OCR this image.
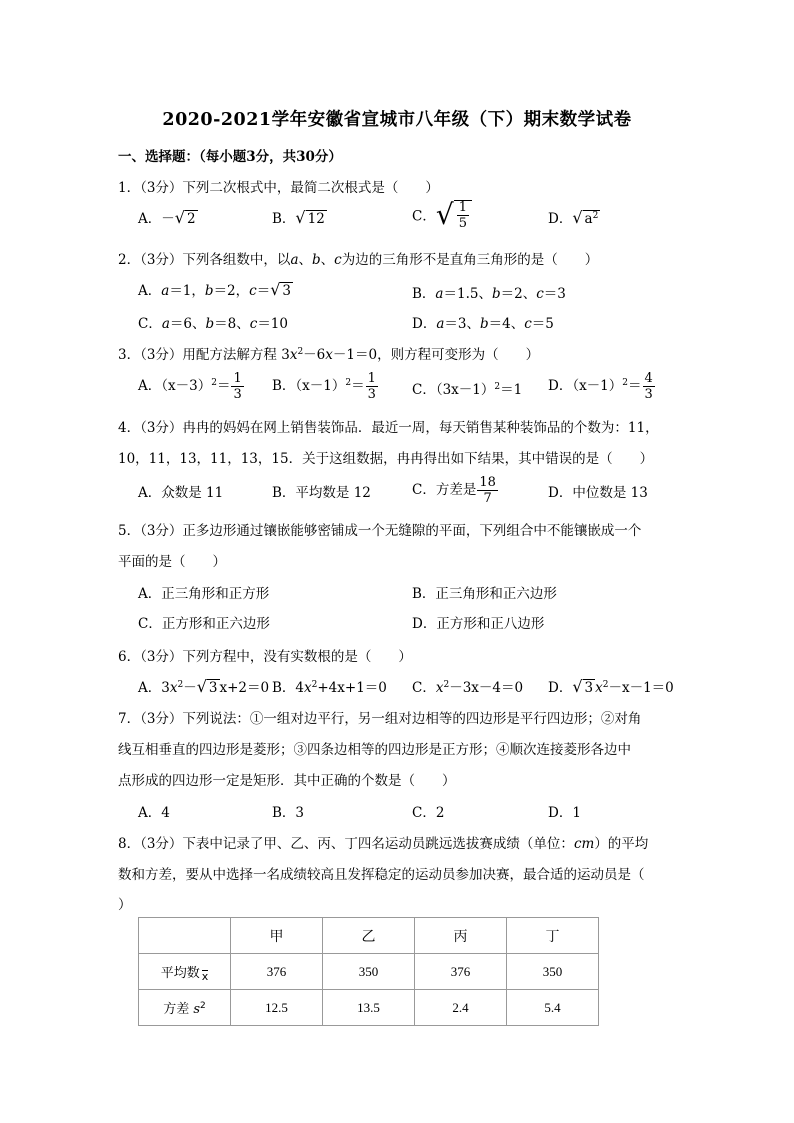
2020-2021学年安徽省宣城市八年级（下）期末数学试卷
一、选择题：（每小题3分，共30分）
1．（3分）下列二次根式中，最简二次根式是（　　）
A．－√ 2	B．√ 12	C．√ $\frac{1}{5}$	D．√ $a^2$
2．（3分）下列各组数中，以a、b、c为边的三角形不是直角三角形的是（　　）
A．a＝1，b＝2，c＝√ 3	B．a＝1.5、b＝2、c＝3
C．a＝6、b＝8、c＝10	D．a＝3、b＝4、c＝5
3．（3分）用配方法解方程 $3x^2-6x-1=0$，则方程可变形为（　　）
A．$(x-3)^2= \frac{1}{3}$ B．$(x-1)^2= \frac{1}{3}$	C．$(3x-1)^2=1$ D．$(x-1)^2= \frac{4}{3}$
4．（3分）冉冉的妈妈在网上销售装饰品．最近一周，每天销售某种装饰品的个数为：11，
10，11，13，11，13，15．关于这组数据，冉冉得出如下结果，其中错误的是（　　）
A．众数是 11	B．平均数是 12	C．方差是 $\frac{18}{7}$	D．中位数是 13
5．（3分）正多边形通过镶嵌能够密铺成一个无缝隙的平面，下列组合中不能镶嵌成一个
平面的是（　　）
A．正三角形和正方形	B．正三角形和正六边形
C．正方形和正六边形	D．正方形和正八边形
6．（3分）下列方程中，没有实数根的是（　　）
A．$3x^2-√$ 3 x+2＝0 B．$4x^2+4x+1=0$ C．$x^2-3x-4=0$ D．√ 3 $x^2-x-1=0$
7．（3分）下列说法：①一组对边平行，另一组对边相等的四边形是平行四边形；②对角
线互相垂直的四边形是菱形；③四条边相等的四边形是正方形；④顺次连接菱形各边中
点形成的四边形一定是矩形．其中正确的个数是（　　）
A．4	B．3	C．2	D．1
8．（3分）下表中记录了甲、乙、丙、丁四名运动员跳远选拔赛成绩（单位：cm）的平均
数和方差，要从中选择一名成绩较高且发挥稳定的运动员参加决赛，最合适的运动员是（
）
	甲	乙	丙	丁
平均数 x	376	350	376	350
方差 $s^2$	12.5	13.5	2.4	5.4
